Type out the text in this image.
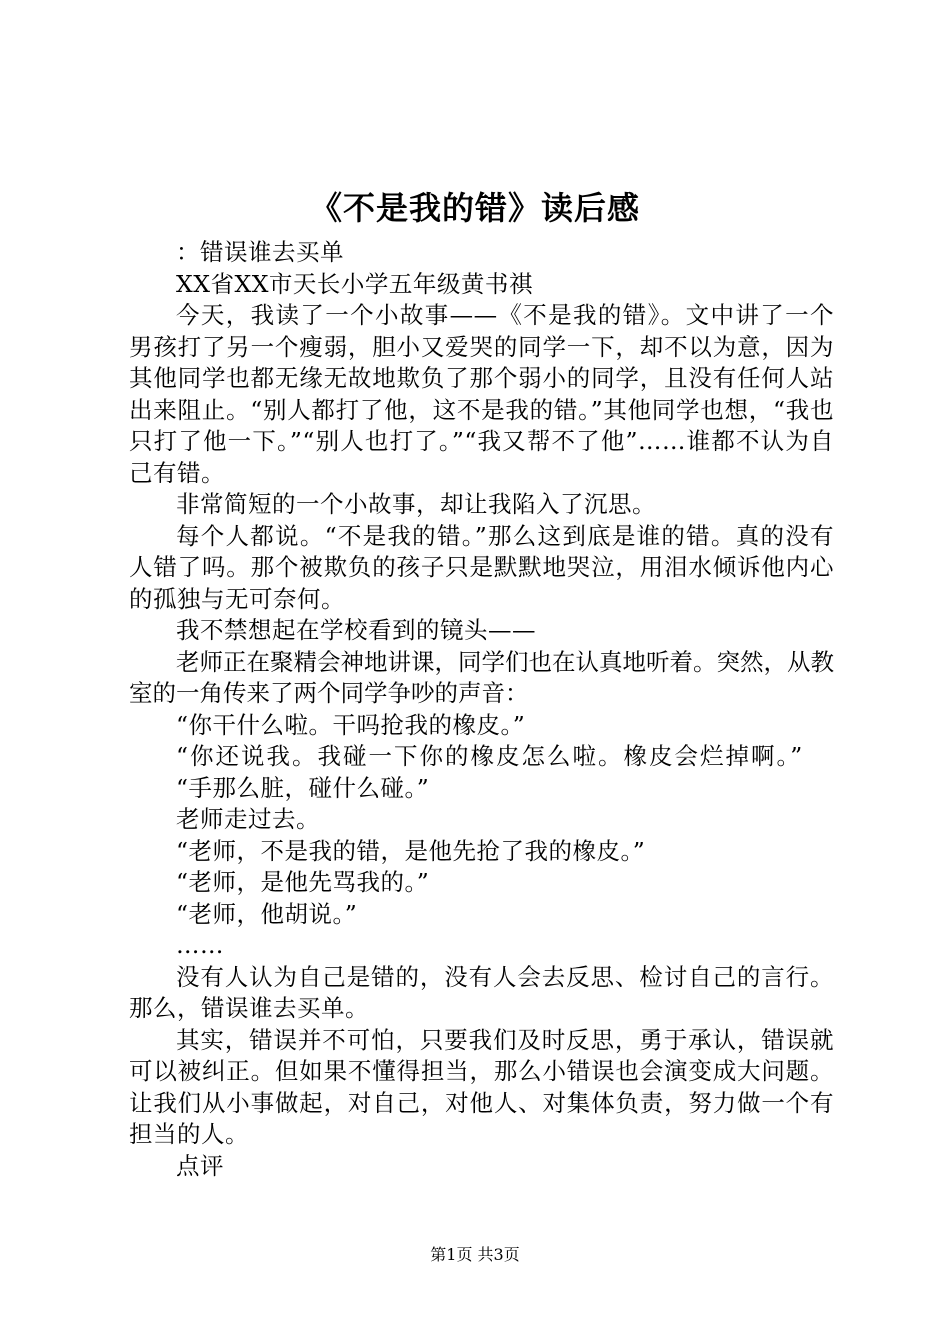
《不是我的错》读后感

：错误谁去买单

XX省XX市天长小学五年级黄书祺

今天，我读了一个小故事——《不是我的错》。文中讲了一个男孩打了另一个瘦弱，胆小又爱哭的同学一下，却不以为意，因为其他同学也都无缘无故地欺负了那个弱小的同学，且没有任何人站出来阻止。“别人都打了他，这不是我的错。”其他同学也想，“我也只打了他一下。”“别人也打了。”“我又帮不了他”……谁都不认为自己有错。

非常简短的一个小故事，却让我陷入了沉思。

每个人都说。“不是我的错。”那么这到底是谁的错。真的没有人错了吗。那个被欺负的孩子只是默默地哭泣，用泪水倾诉他内心的孤独与无可奈何。

我不禁想起在学校看到的镜头——

老师正在聚精会神地讲课，同学们也在认真地听着。突然，从教室的一角传来了两个同学争吵的声音：

“你干什么啦。干吗抢我的橡皮。”

“你还说我。我碰一下你的橡皮怎么啦。橡皮会烂掉啊。”

“手那么脏，碰什么碰。”

老师走过去。

“老师，不是我的错，是他先抢了我的橡皮。”

“老师，是他先骂我的。”

“老师，他胡说。”

……

没有人认为自己是错的，没有人会去反思、检讨自己的言行。那么，错误谁去买单。

其实，错误并不可怕，只要我们及时反思，勇于承认，错误就可以被纠正。但如果不懂得担当，那么小错误也会演变成大问题。让我们从小事做起，对自己，对他人、对集体负责，努力做一个有担当的人。

点评

第1页 共3页
